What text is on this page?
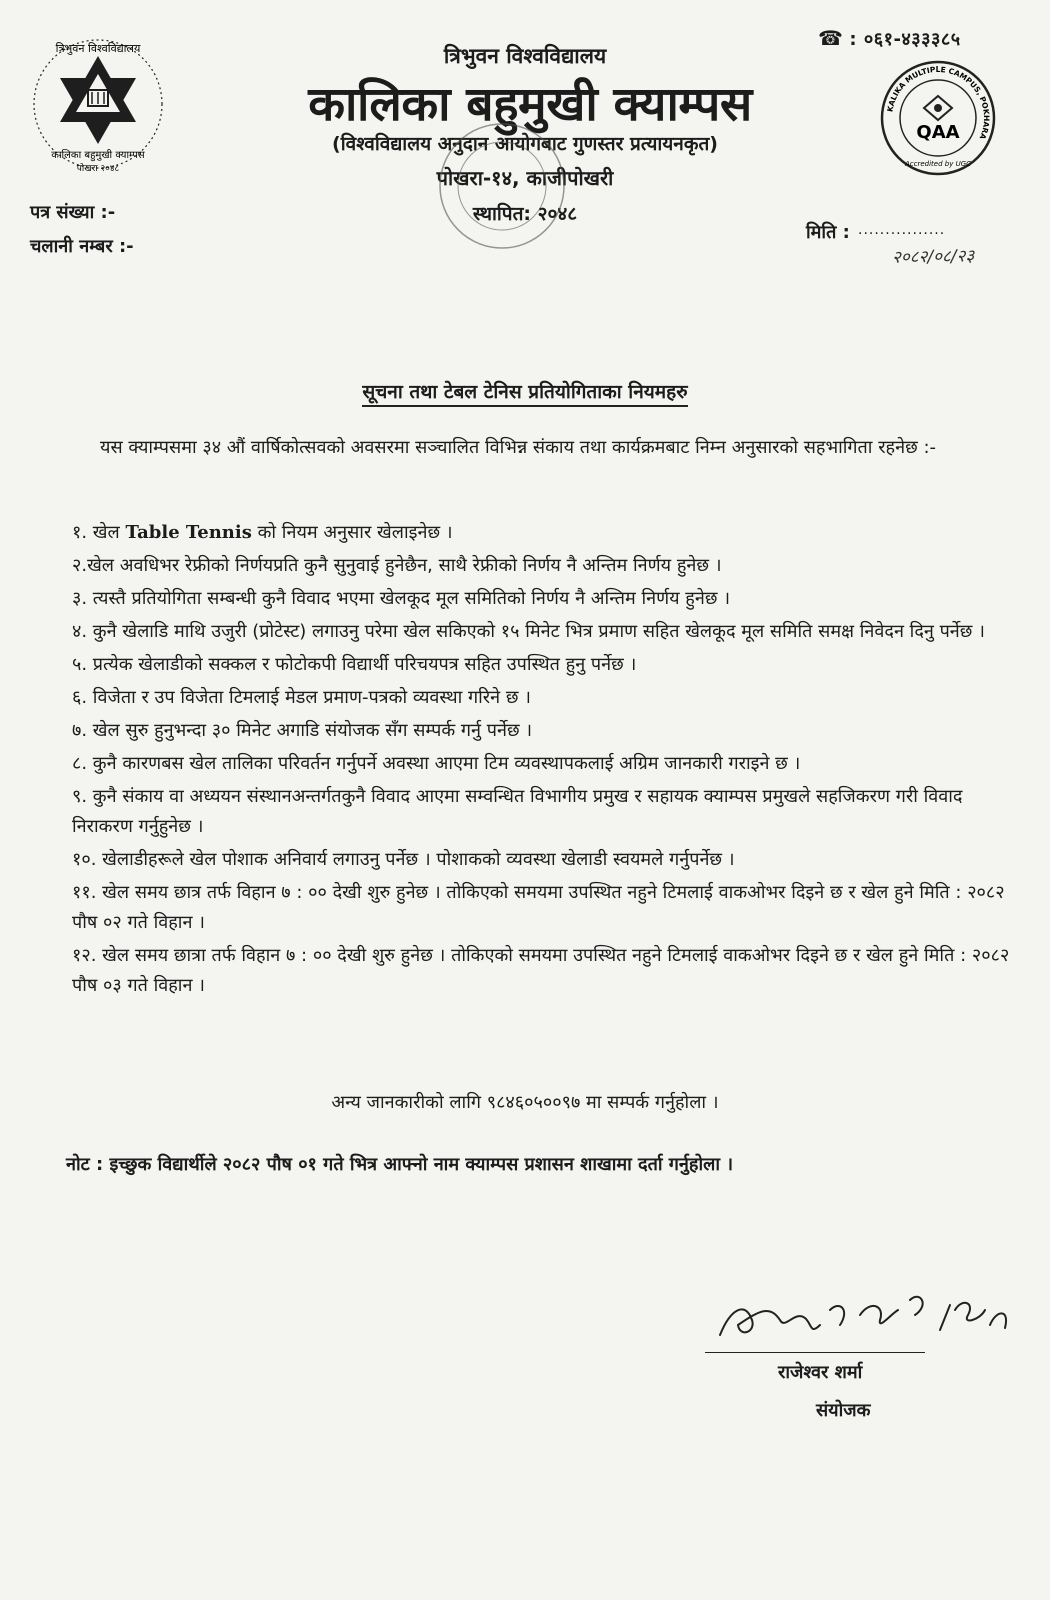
त्रिभुवन विश्वविद्यालय
कालिका बहुमुखी क्याम्पस
पोखरा २०४८
☎ : ०६१-४३३३८५
KALIKA MULTIPLE CAMPUS, POKHARA
QAA
Accredited by UGC
त्रिभुवन विश्वविद्यालय
कालिका बहुमुखी क्याम्पस
(विश्वविद्यालय अनुदान आयोगबाट गुणस्तर प्रत्यायनकृत)
पोखरा-१४, काजीपोखरी
स्थापित: २०४८
पत्र संख्या :-
चलानी नम्बर :-
मिति : ................
२०८२/०८/२३
सूचना तथा टेबल टेनिस प्रतियोगिताका नियमहरु
यस क्याम्पसमा ३४ औं वार्षिकोत्सवको अवसरमा सञ्चालित विभिन्न संकाय तथा कार्यक्रमबाट निम्न अनुसारको सहभागिता रहनेछ :-
१. खेल Table Tennis को नियम अनुसार खेलाइनेछ ।
२.खेल अवधिभर रेफ्रीको निर्णयप्रति कुनै सुनुवाई हुनेछैन, साथै रेफ्रीको निर्णय नै अन्तिम निर्णय हुनेछ ।
३. त्यस्तै प्रतियोगिता सम्बन्धी कुनै विवाद भएमा खेलकूद मूल समितिको निर्णय नै अन्तिम निर्णय हुनेछ ।
४. कुनै खेलाडि माथि उजुरी (प्रोटेस्ट) लगाउनु परेमा खेल सकिएको १५ मिनेट भित्र प्रमाण सहित खेलकूद मूल समिति समक्ष निवेदन दिनु पर्नेछ ।
५. प्रत्येक खेलाडीको सक्कल र फोटोकपी विद्यार्थी परिचयपत्र सहित उपस्थित हुनु पर्नेछ ।
६. विजेता र उप विजेता टिमलाई मेडल प्रमाण-पत्रको व्यवस्था गरिने छ ।
७. खेल सुरु हुनुभन्दा ३० मिनेट अगाडि संयोजक सँग सम्पर्क गर्नु पर्नेछ ।
८. कुनै कारणबस खेल तालिका परिवर्तन गर्नुपर्ने अवस्था आएमा टिम व्यवस्थापकलाई अग्रिम जानकारी गराइने छ ।
९. कुनै संकाय वा अध्ययन संस्थानअन्तर्गतकुनै विवाद आएमा सम्वन्धित विभागीय प्रमुख र सहायक क्याम्पस प्रमुखले सहजिकरण गरी विवाद निराकरण गर्नुहुनेछ ।
१०. खेलाडीहरूले खेल पोशाक अनिवार्य लगाउनु पर्नेछ । पोशाकको व्यवस्था खेलाडी स्वयमले गर्नुपर्नेछ ।
११. खेल समय छात्र तर्फ विहान ७ : ०० देखी शुरु हुनेछ । तोकिएको समयमा उपस्थित नहुने टिमलाई वाकओभर दिइने छ र खेल हुने मिति : २०८२ पौष ०२ गते विहान ।
१२. खेल समय छात्रा तर्फ विहान ७ : ०० देखी शुरु हुनेछ । तोकिएको समयमा उपस्थित नहुने टिमलाई वाकओभर दिइने छ र खेल हुने मिति : २०८२ पौष ०३ गते विहान ।
अन्य जानकारीको लागि ९८४६०५००९७ मा सम्पर्क गर्नुहोला ।
नोट : इच्छुक विद्यार्थीले २०८२ पौष ०१ गते भित्र आफ्नो नाम क्याम्पस प्रशासन शाखामा दर्ता गर्नुहोला ।
राजेश्वर शर्मा
संयोजक
